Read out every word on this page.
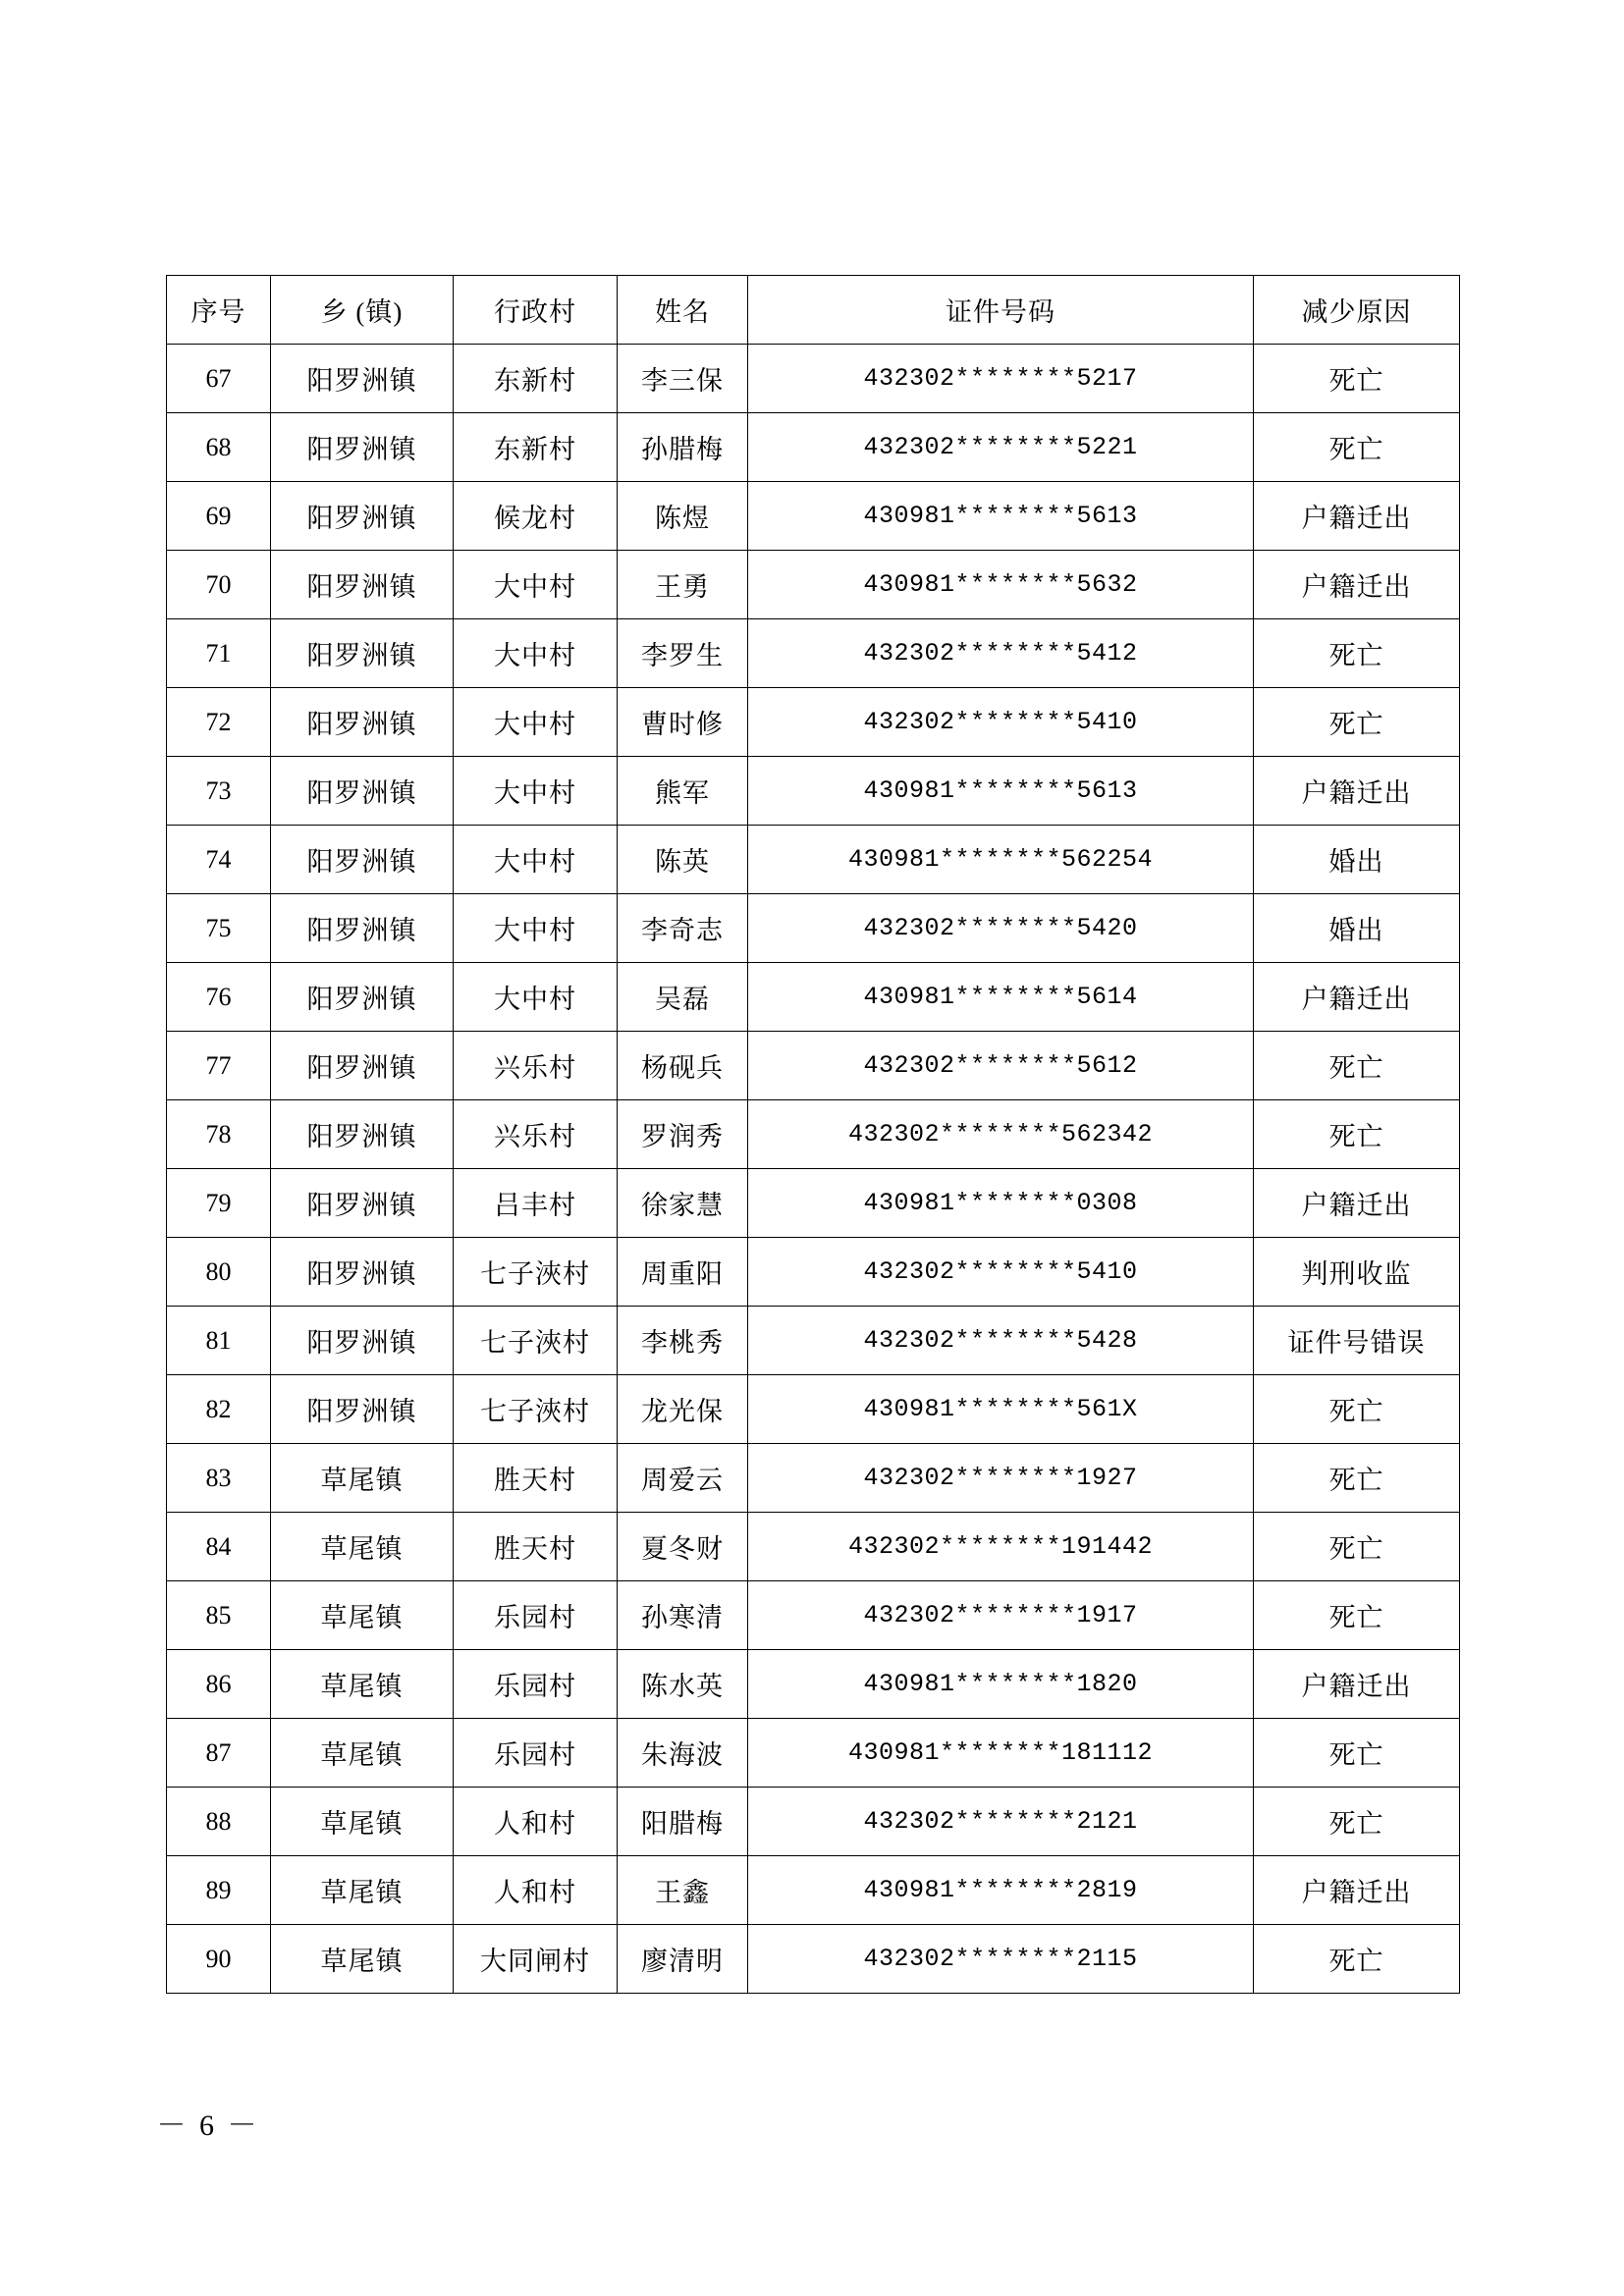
序号	乡 (镇)	行政村	姓名	证件号码	减少原因
67	阳罗洲镇	东新村	李三保	432302********5217	死亡
68	阳罗洲镇	东新村	孙腊梅	432302********5221	死亡
69	阳罗洲镇	候龙村	陈煜	430981********5613	户籍迁出
70	阳罗洲镇	大中村	王勇	430981********5632	户籍迁出
71	阳罗洲镇	大中村	李罗生	432302********5412	死亡
72	阳罗洲镇	大中村	曹时修	432302********5410	死亡
73	阳罗洲镇	大中村	熊军	430981********5613	户籍迁出
74	阳罗洲镇	大中村	陈英	430981********562254	婚出
75	阳罗洲镇	大中村	李奇志	432302********5420	婚出
76	阳罗洲镇	大中村	吴磊	430981********5614	户籍迁出
77	阳罗洲镇	兴乐村	杨砚兵	432302********5612	死亡
78	阳罗洲镇	兴乐村	罗润秀	432302********562342	死亡
79	阳罗洲镇	吕丰村	徐家慧	430981********0308	户籍迁出
80	阳罗洲镇	七子浹村	周重阳	432302********5410	判刑收监
81	阳罗洲镇	七子浹村	李桃秀	432302********5428	证件号错误
82	阳罗洲镇	七子浹村	龙光保	430981********561X	死亡
83	草尾镇	胜天村	周爱云	432302********1927	死亡
84	草尾镇	胜天村	夏冬财	432302********191442	死亡
85	草尾镇	乐园村	孙寒清	432302********1917	死亡
86	草尾镇	乐园村	陈水英	430981********1820	户籍迁出
87	草尾镇	乐园村	朱海波	430981********181112	死亡
88	草尾镇	人和村	阳腊梅	432302********2121	死亡
89	草尾镇	人和村	王鑫	430981********2819	户籍迁出
90	草尾镇	大同闸村	廖清明	432302********2115	死亡
－ 6 －
